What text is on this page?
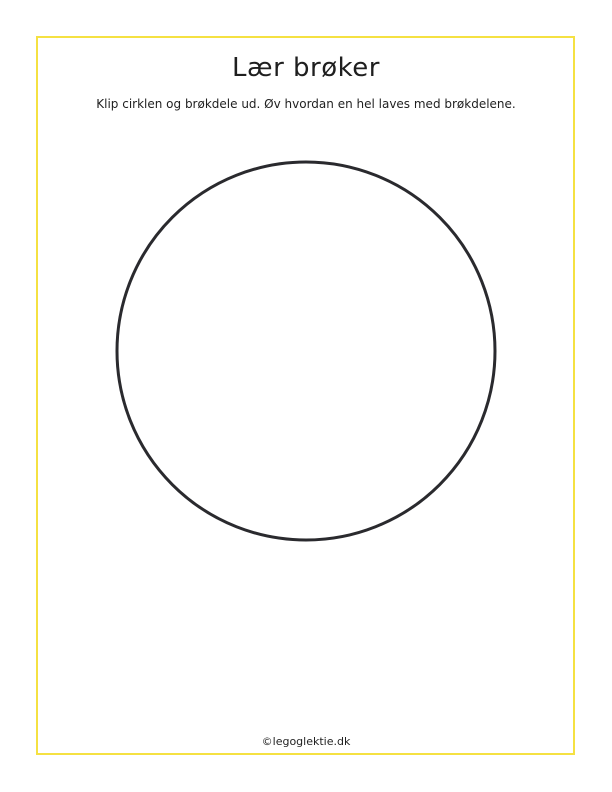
Lær brøker
Klip cirklen og brøkdele ud. Øv hvordan en hel laves med brøkdelene.
©legoglektie.dk
